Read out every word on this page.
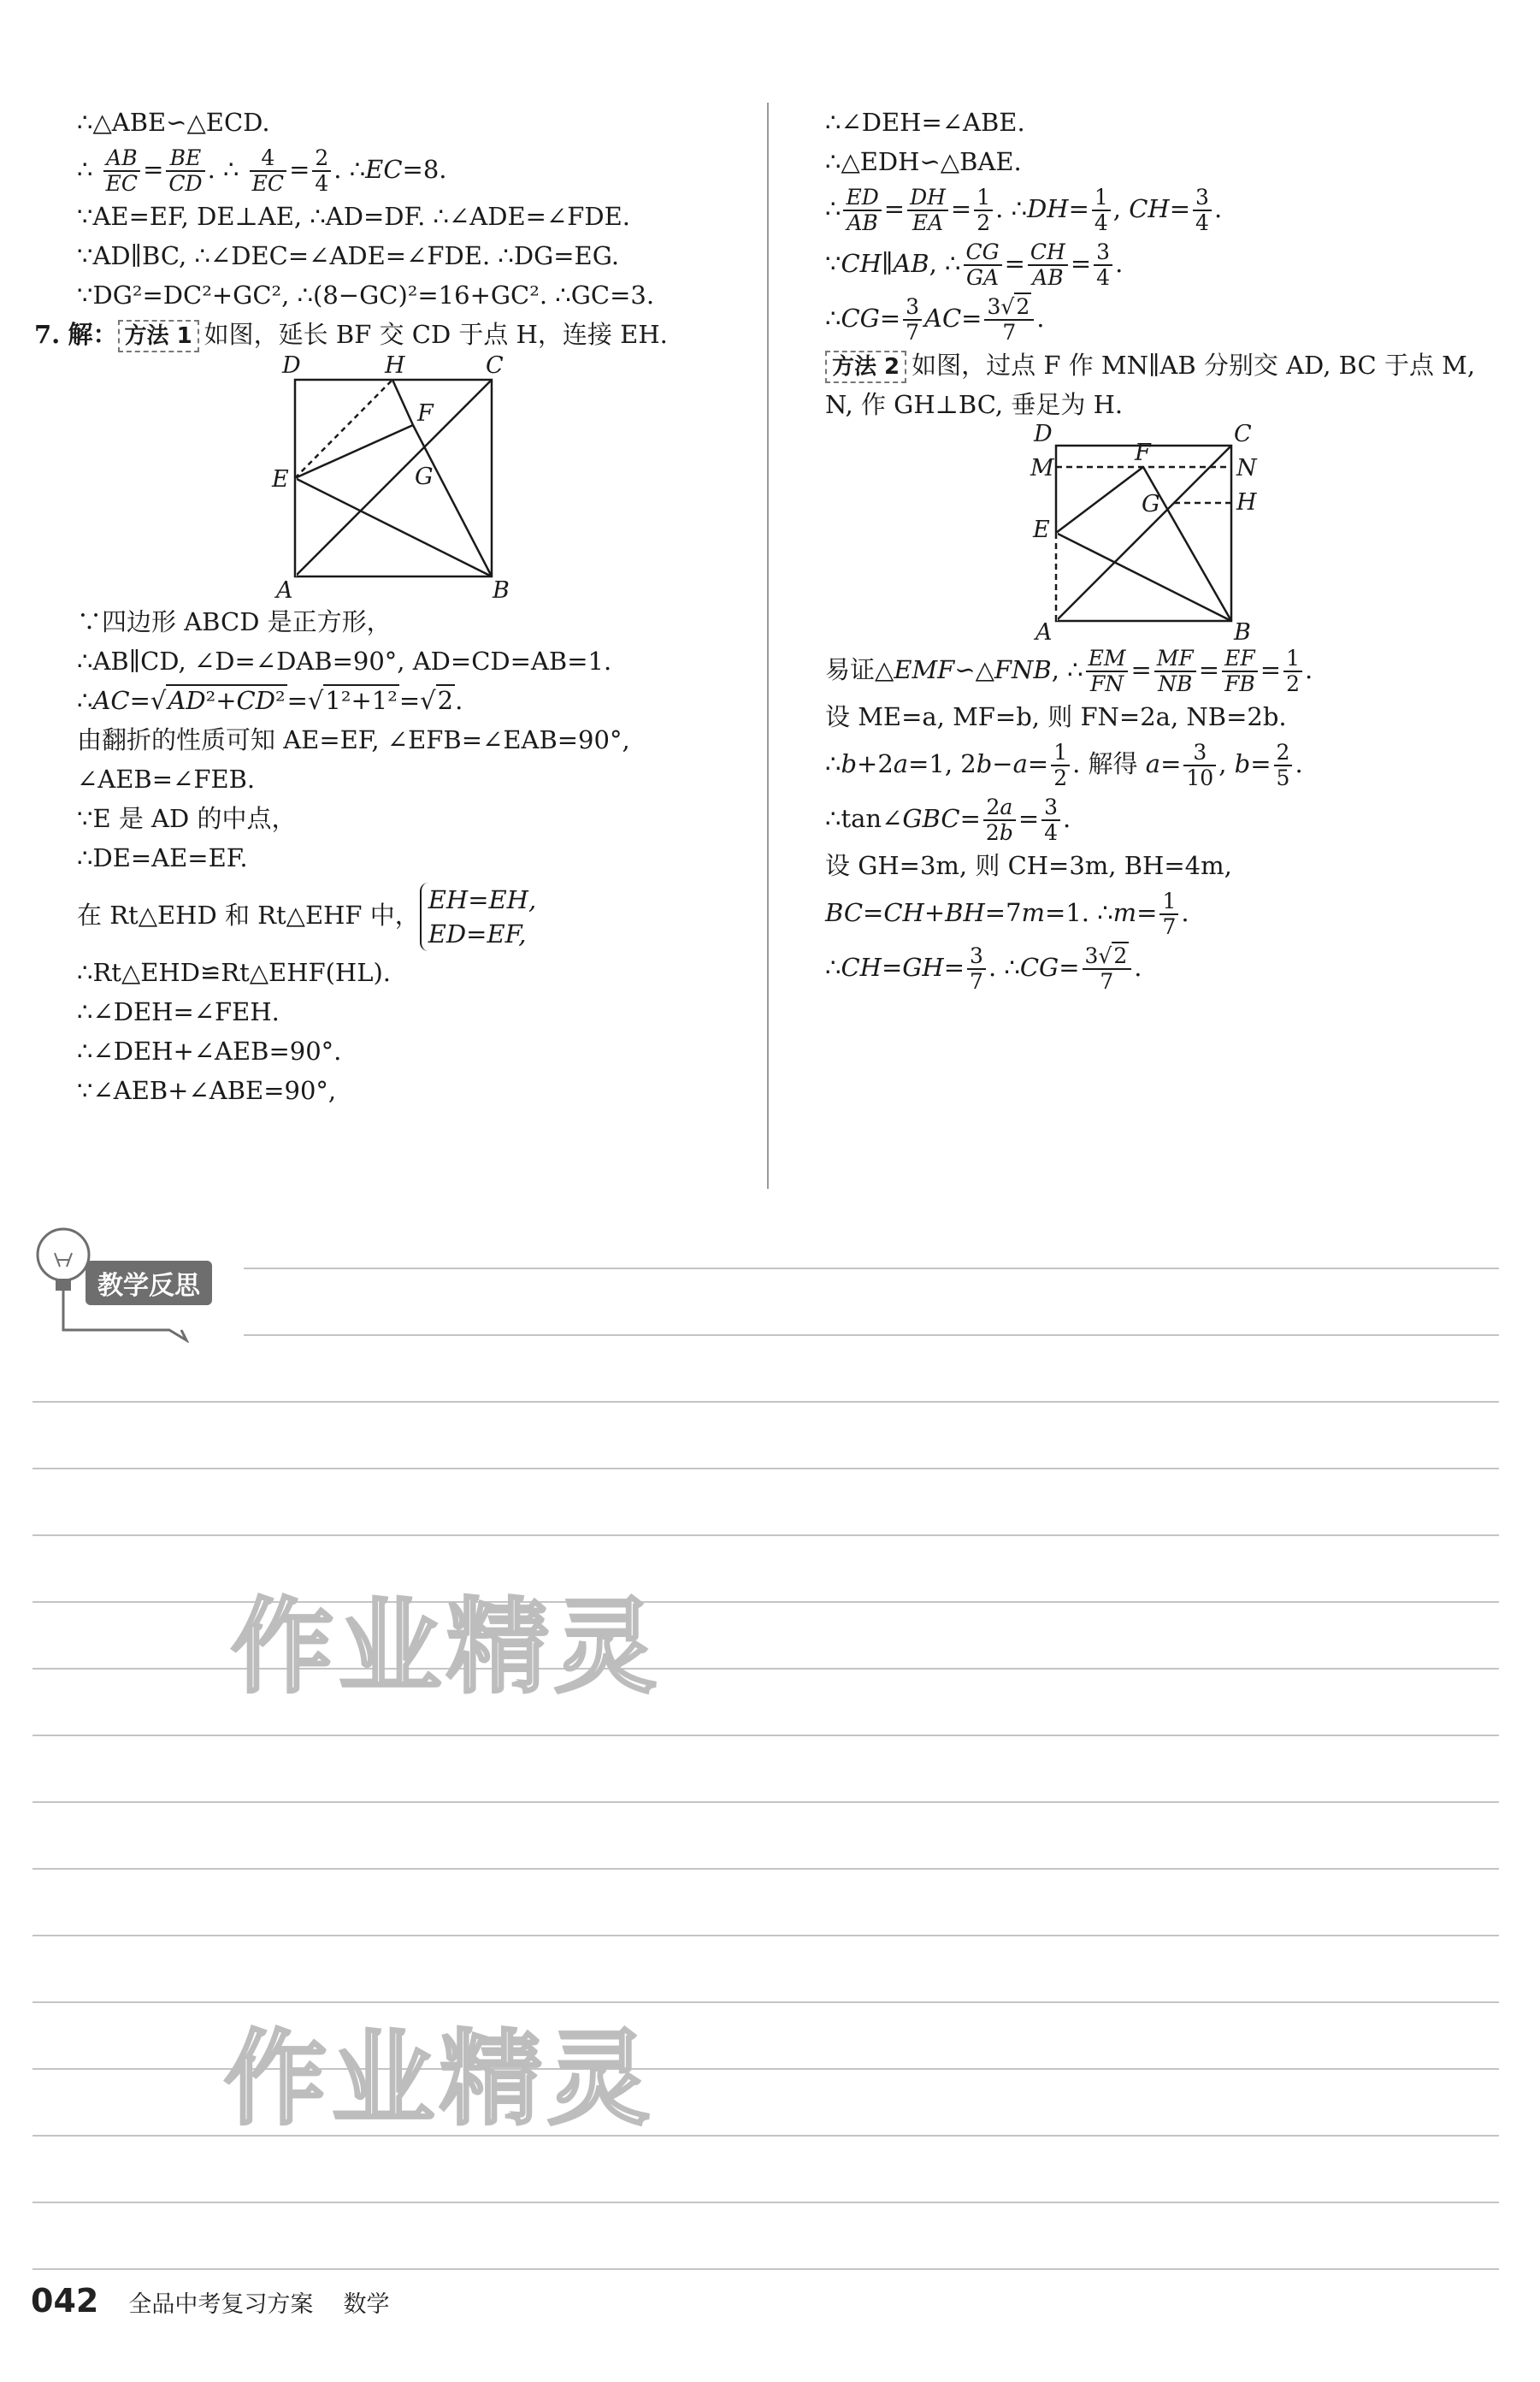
∴△ABE∽△ECD.
∴ $\frac{AB}{EC} = \frac{BE}{CD}$ . ∴ $\frac{4}{EC} = \frac{2}{4}$ . ∴EC=8.
∵AE=EF, DE⊥AE, ∴AD=DF. ∴∠ADE=∠FDE.
∵AD∥BC, ∴∠DEC=∠ADE=∠FDE. ∴DG=EG.
∵DG²=DC²+GC², ∴(8−GC)²=16+GC². ∴GC=3.
7. 解： 方法 1 如图，延长 BF 交 CD 于点 H，连接 EH.
D	H	C
F
G
E
A	B
∵四边形 ABCD 是正方形，
∴AB∥CD, ∠D=∠DAB=90°, AD=CD=AB=1.
∴AC=√AD²+CD²=√1²+1²=√2.
由翻折的性质可知 AE=EF, ∠EFB=∠EAB=90°,
∠AEB=∠FEB.
∵E 是 AD 的中点，
∴DE=AE=EF.
在 Rt△EHD 和 Rt△EHF 中，
EH=EH,
ED=EF,
∴Rt△EHD≌Rt△EHF(HL).
∴∠DEH=∠FEH.
∴∠DEH+∠AEB=90°.
∵∠AEB+∠ABE=90°,
∴∠DEH=∠ABE.
∴△EDH∽△BAE.
∴ $\frac{ED}{AB} = \frac{DH}{EA} = \frac{1}{2}$ . ∴DH= $\frac{1}{4}$ , $CH= \frac{3}{4}$ .
∵CH∥AB, ∴ $\frac{CG}{GA} = \frac{CH}{AB} = \frac{3}{4}$ .
∴CG= $\frac{3}{7} AC= \frac{3√2}{7}$ .
方法 2 如图，过点 F 作 MN∥AB 分别交 AD, BC 于点 M,
N, 作 GH⊥BC, 垂足为 H.
D	C
M
F
N
E
G	H
A	B
易证△EMF∽△FNB, ∴ $\frac{EM}{FN} = \frac{MF}{NB} = \frac{EF}{FB} = \frac{1}{2}$ .
设 ME=a, MF=b, 则 FN=2a, NB=2b.
∴b+2a=1, $2b-a= \frac{1}{2}$ . 解得 $a= \frac{3}{10}$ , $b= \frac{2}{5}$ .
∴tan∠GBC= $\frac{2a}{2b} = \frac{3}{4}$ .
设 GH=3m, 则 CH=3m, BH=4m,
BC=CH+BH=7m=1. ∴m= $\frac{1}{7}$ .
∴CH=GH= $\frac{3}{7}$ . ∴CG= $\frac{3√2}{7}$ .
教学反思
作业精灵
作业精灵
042 全品中考复习方案 数学
